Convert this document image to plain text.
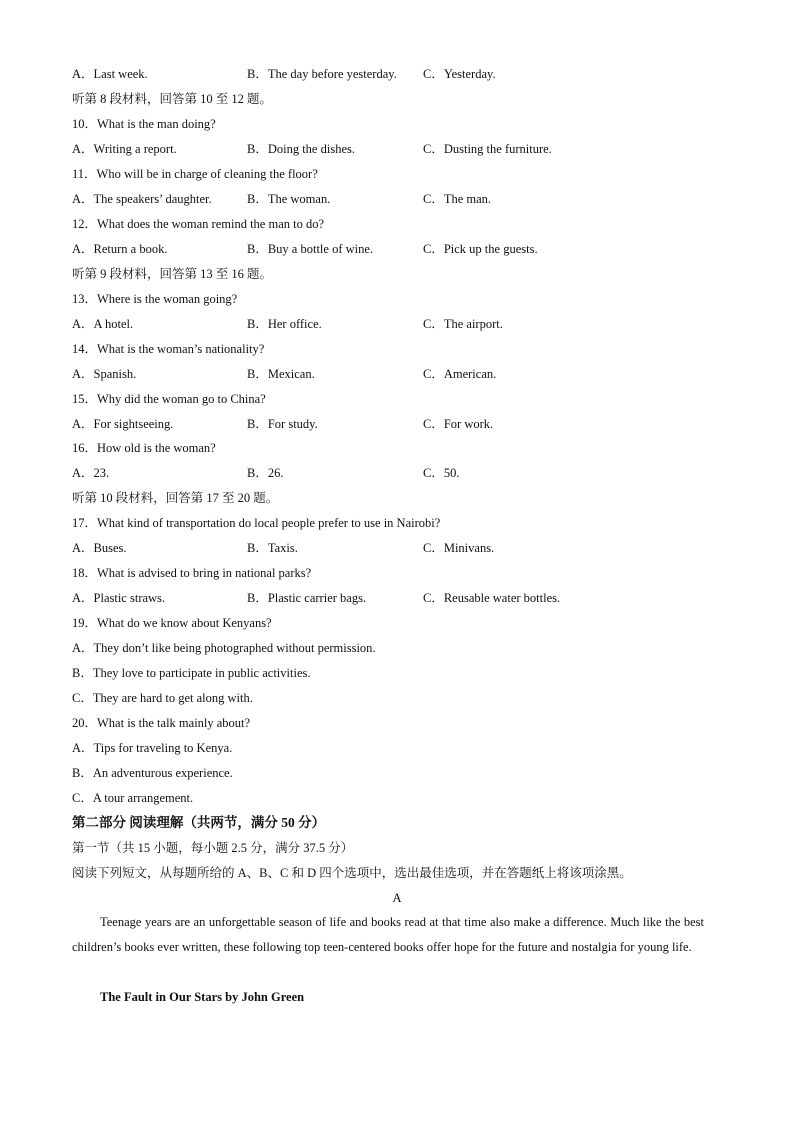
A．Last week.	B．The day before yesterday. C．Yesterday.
听第 8 段材料，回答第 10 至 12 题。
10．What is the man doing?
A．Writing a report.	B．Doing the dishes.	C．Dusting the furniture.
11．Who will be in charge of cleaning the floor?
A．The speakers’ daughter.	B．The woman.	C．The man.
12．What does the woman remind the man to do?
A．Return a book.	B．Buy a bottle of wine.	C．Pick up the guests.
听第 9 段材料，回答第 13 至 16 题。
13．Where is the woman going?
A．A hotel.	B．Her office.	C．The airport.
14．What is the woman’s nationality?
A．Spanish.	B．Mexican.	C．American.
15．Why did the woman go to China?
A．For sightseeing.	B．For study.	C．For work.
16．How old is the woman?
A．23.	B．26.	C．50.
听第 10 段材料，回答第 17 至 20 题。
17．What kind of transportation do local people prefer to use in Nairobi?
A．Buses.	B．Taxis.	C．Minivans.
18．What is advised to bring in national parks?
A．Plastic straws.	B．Plastic carrier bags.	C．Reusable water bottles.
19．What do we know about Kenyans?
A．They don’t like being photographed without permission.
B．They love to participate in public activities.
C．They are hard to get along with.
20．What is the talk mainly about?
A．Tips for traveling to Kenya.
B．An adventurous experience.
C．A tour arrangement.
第二部分 阅读理解（共两节，满分 50 分）
第一节（共 15 小题，每小题 2.5 分，满分 37.5 分）
阅读下列短文，从每题所给的 A、B、C 和 D 四个选项中，选出最佳选项，并在答题纸上将该项涂黑。
A
Teenage years are an unforgettable season of life and books read at that time also make a difference. Much like the best children’s books ever written, these following top teen-centered books offer hope for the future and nostalgia for young life.
The Fault in Our Stars by John Green
